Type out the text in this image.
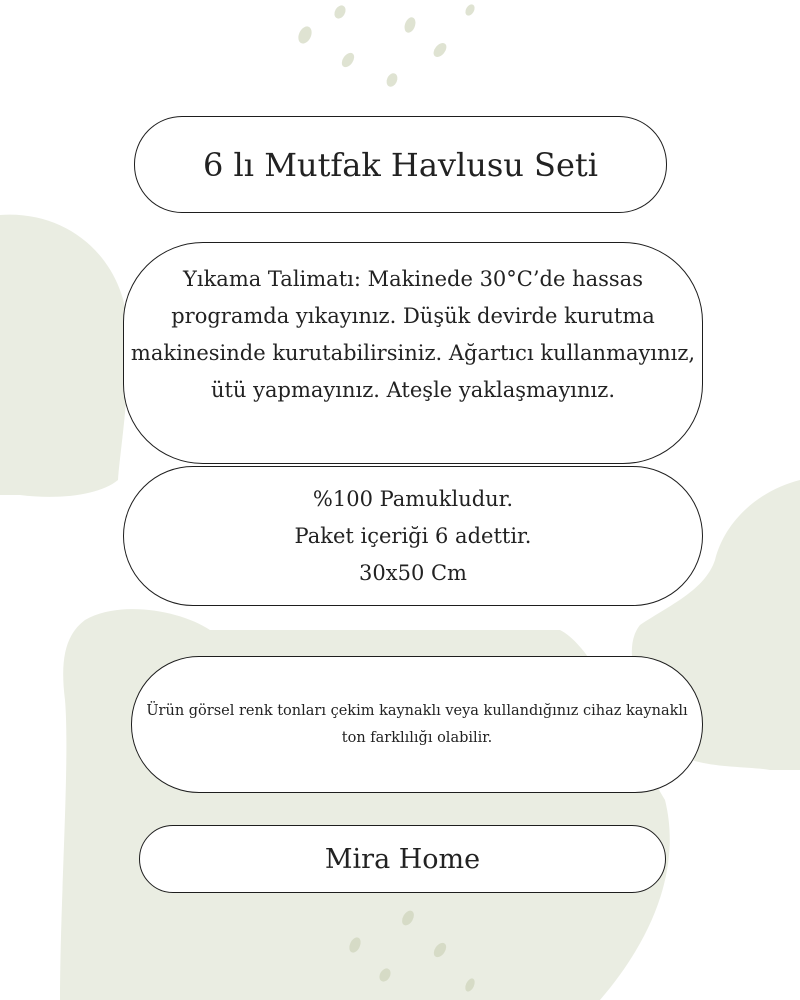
6 lı Mutfak Havlusu Seti
Yıkama Talimatı: Makinede 30°C’de hassas programda yıkayınız. Düşük devirde kurutma makinesinde kurutabilirsiniz. Ağartıcı kullanmayınız, ütü yapmayınız. Ateşle yaklaşmayınız.
%100 Pamukludur.
Paket içeriği 6 adettir.
30x50 Cm
Ürün görsel renk tonları çekim kaynaklı veya kullandığınız cihaz kaynaklı ton farklılığı olabilir.
Mira Home
